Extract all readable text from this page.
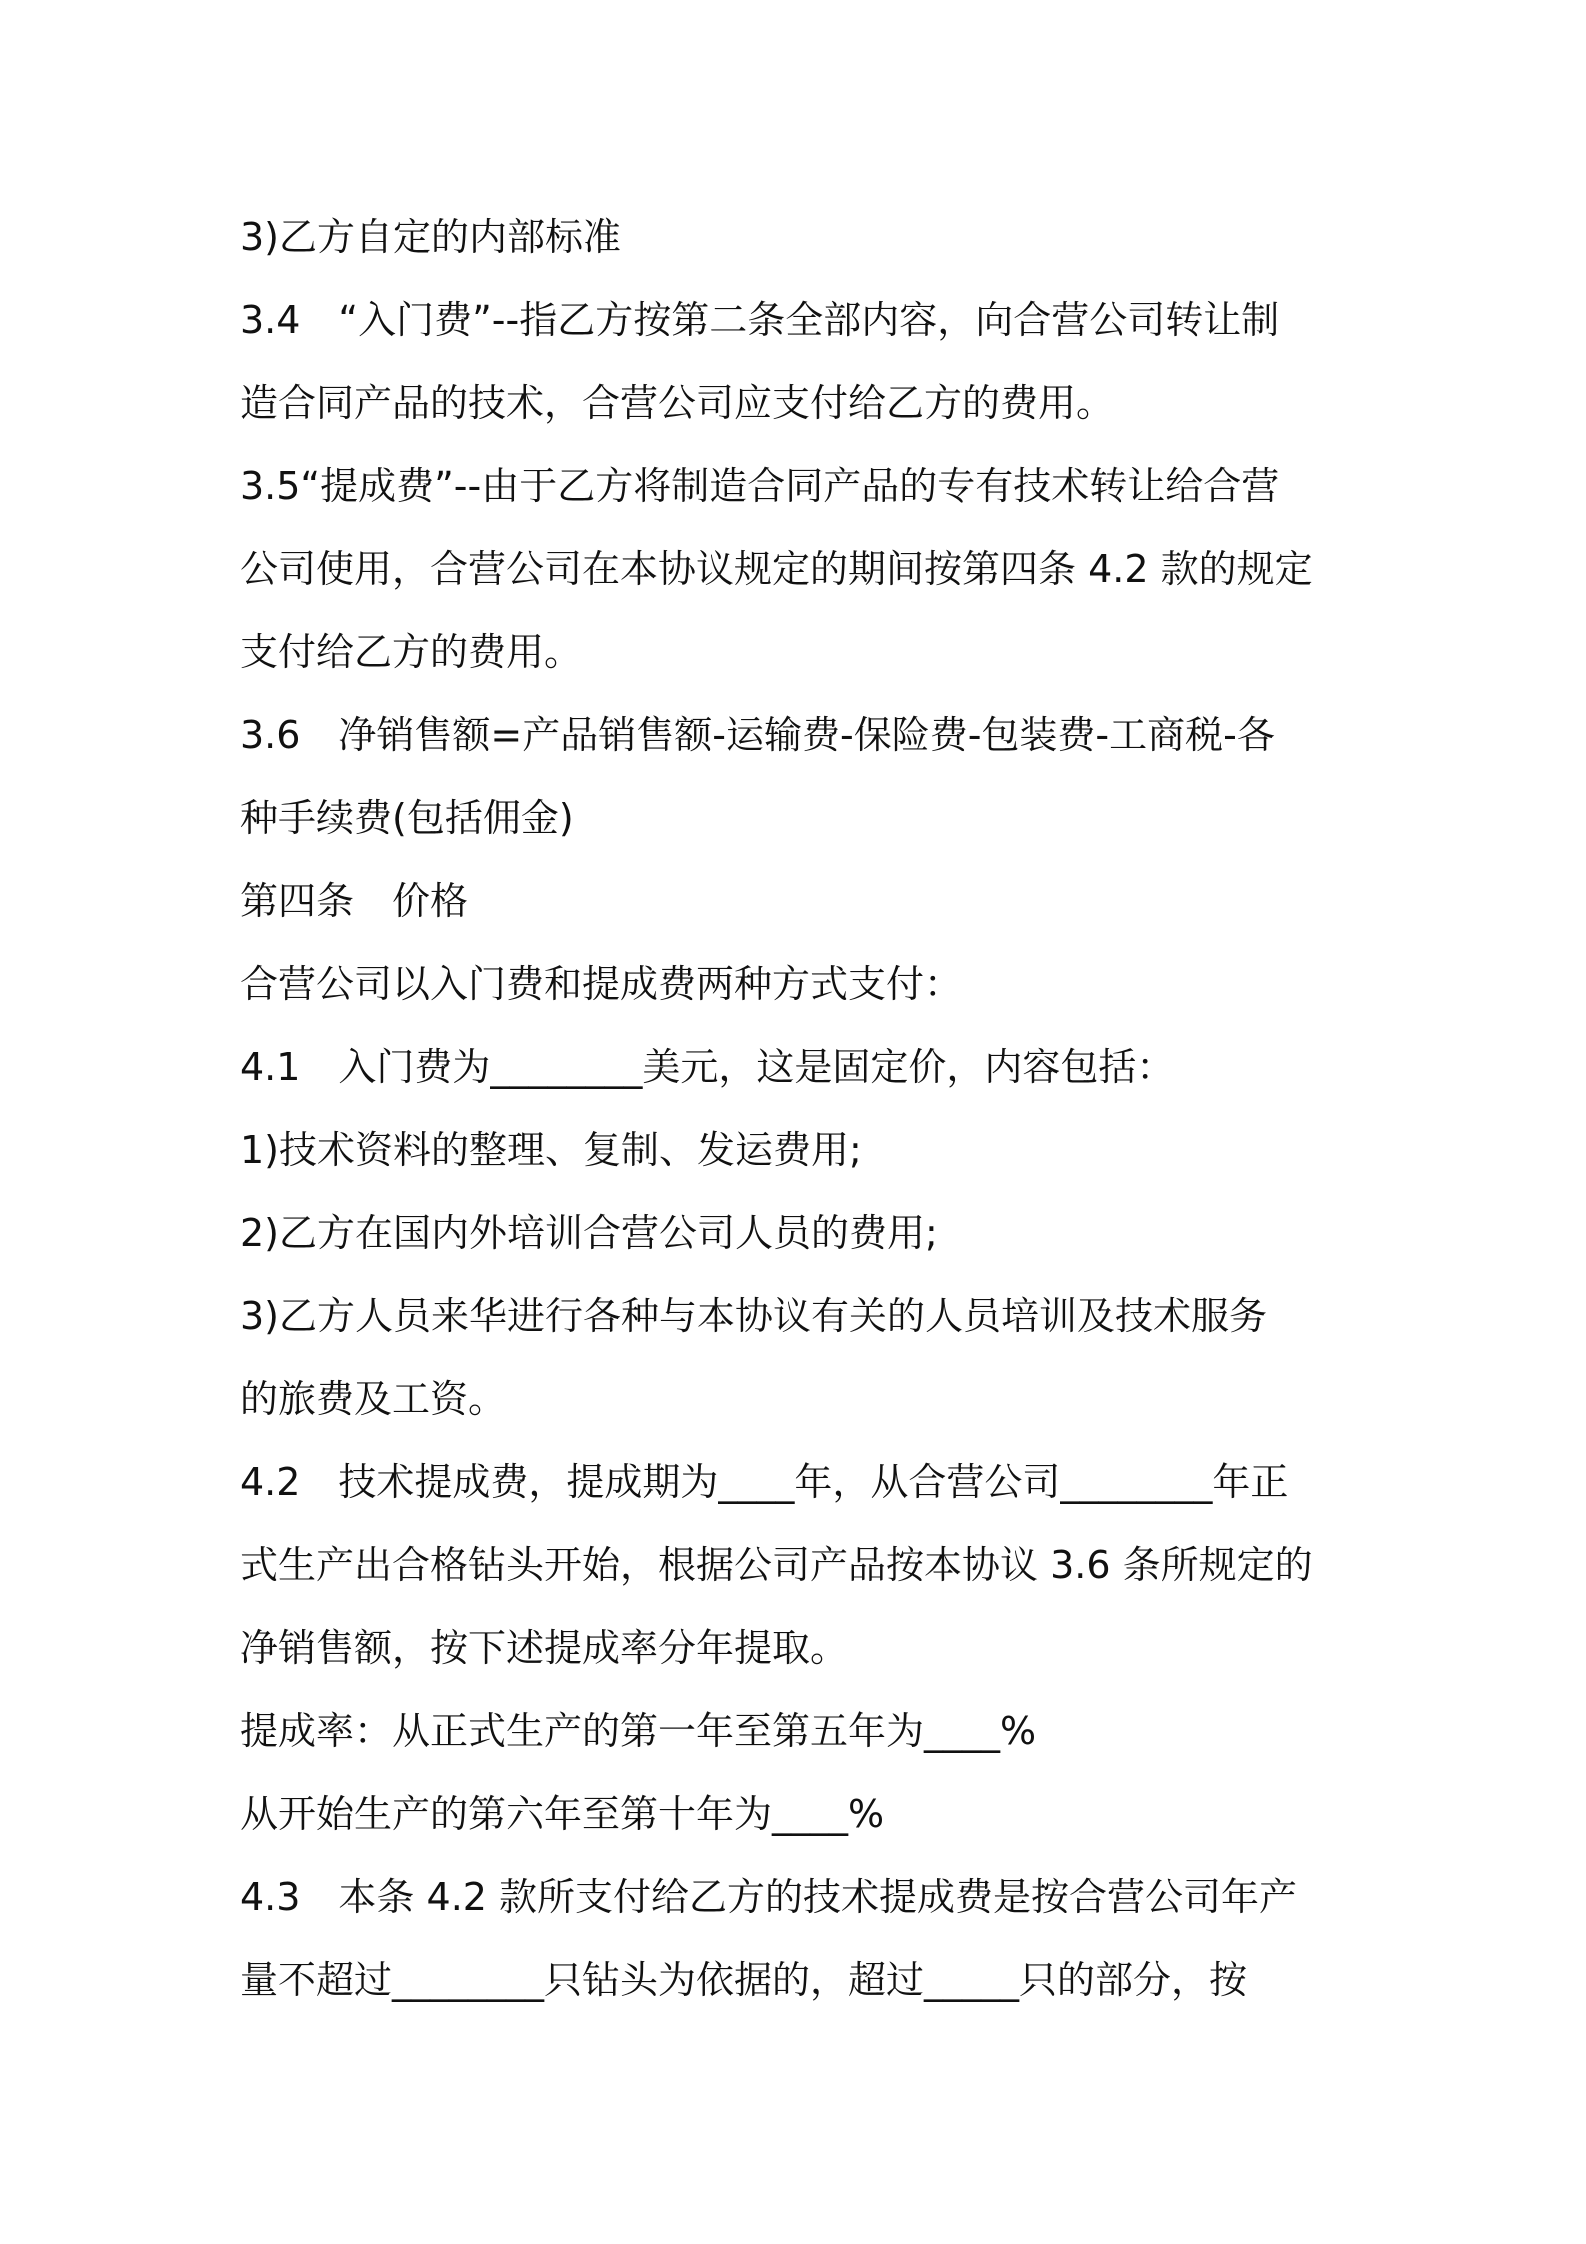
3)乙方自定的内部标准
3.4　“入门费”--指乙方按第二条全部内容，向合营公司转让制
造合同产品的技术，合营公司应支付给乙方的费用。
3.5“提成费”--由于乙方将制造合同产品的专有技术转让给合营
公司使用，合营公司在本协议规定的期间按第四条 4.2 款的规定
支付给乙方的费用。
3.6　净销售额=产品销售额-运输费-保险费-包装费-工商税-各
种手续费(包括佣金)
第四条　价格
合营公司以入门费和提成费两种方式支付：
4.1　入门费为________美元，这是固定价，内容包括：
1)技术资料的整理、复制、发运费用;
2)乙方在国内外培训合营公司人员的费用;
3)乙方人员来华进行各种与本协议有关的人员培训及技术服务
的旅费及工资。
4.2　技术提成费，提成期为____年，从合营公司________年正
式生产出合格钻头开始，根据公司产品按本协议 3.6 条所规定的
净销售额，按下述提成率分年提取。
提成率：从正式生产的第一年至第五年为____%
从开始生产的第六年至第十年为____%
4.3　本条 4.2 款所支付给乙方的技术提成费是按合营公司年产
量不超过________只钻头为依据的，超过_____只的部分，按
